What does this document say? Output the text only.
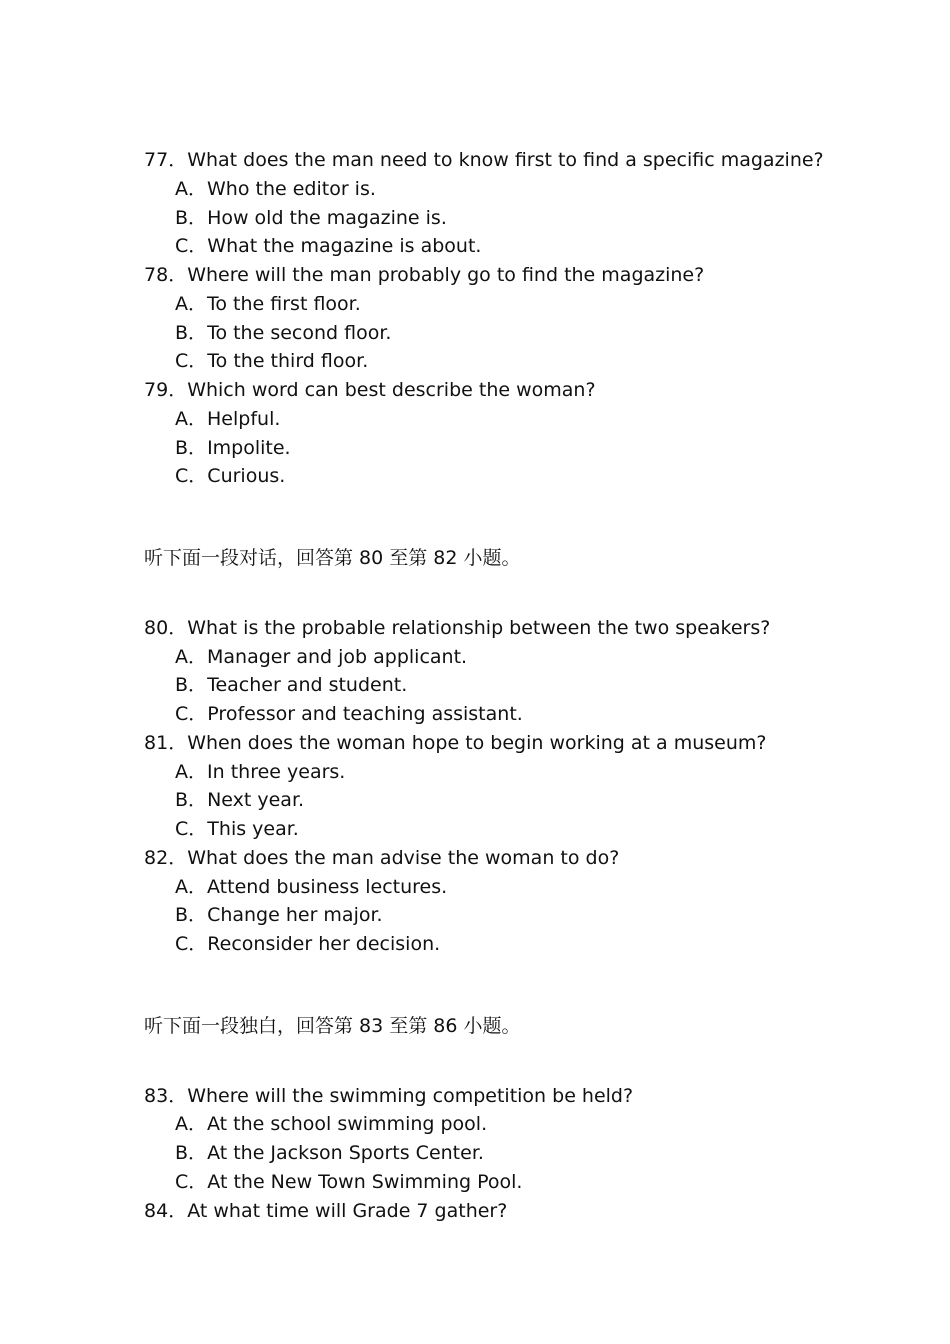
77．What does the man need to know first to find a specific magazine?
A．Who the editor is.
B．How old the magazine is.
C．What the magazine is about.
78．Where will the man probably go to find the magazine?
A．To the first floor.
B．To the second floor.
C．To the third floor.
79．Which word can best describe the woman?
A．Helpful.
B．Impolite.
C．Curious.
听下面一段对话，回答第 80 至第 82 小题。
80．What is the probable relationship between the two speakers?
A．Manager and job applicant.
B．Teacher and student.
C．Professor and teaching assistant.
81．When does the woman hope to begin working at a museum?
A．In three years.
B．Next year.
C．This year.
82．What does the man advise the woman to do?
A．Attend business lectures.
B．Change her major.
C．Reconsider her decision.
听下面一段独白，回答第 83 至第 86 小题。
83．Where will the swimming competition be held?
A．At the school swimming pool.
B．At the Jackson Sports Center.
C．At the New Town Swimming Pool.
84．At what time will Grade 7 gather?
